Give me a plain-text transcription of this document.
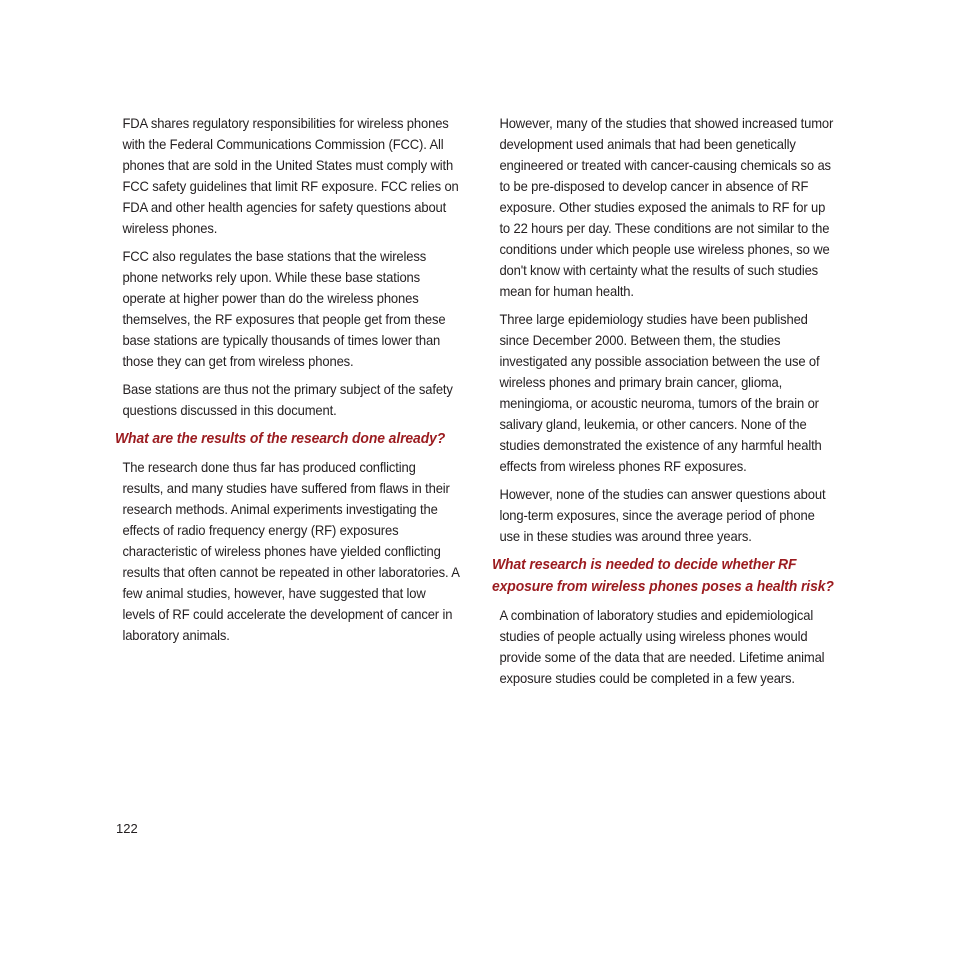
FDA shares regulatory responsibilities for wireless phones with the Federal Communications Commission (FCC). All phones that are sold in the United States must comply with FCC safety guidelines that limit RF exposure. FCC relies on FDA and other health agencies for safety questions about wireless phones.

FCC also regulates the base stations that the wireless phone networks rely upon. While these base stations operate at higher power than do the wireless phones themselves, the RF exposures that people get from these base stations are typically thousands of times lower than those they can get from wireless phones.

Base stations are thus not the primary subject of the safety questions discussed in this document.

What are the results of the research done already?

The research done thus far has produced conflicting results, and many studies have suffered from flaws in their research methods. Animal experiments investigating the effects of radio frequency energy (RF) exposures characteristic of wireless phones have yielded conflicting results that often cannot be repeated in other laboratories. A few animal studies, however, have suggested that low levels of RF could accelerate the development of cancer in laboratory animals.

However, many of the studies that showed increased tumor development used animals that had been genetically engineered or treated with cancer-causing chemicals so as to be pre-disposed to develop cancer in absence of RF exposure. Other studies exposed the animals to RF for up to 22 hours per day. These conditions are not similar to the conditions under which people use wireless phones, so we don't know with certainty what the results of such studies mean for human health.

Three large epidemiology studies have been published since December 2000. Between them, the studies investigated any possible association between the use of wireless phones and primary brain cancer, glioma, meningioma, or acoustic neuroma, tumors of the brain or salivary gland, leukemia, or other cancers. None of the studies demonstrated the existence of any harmful health effects from wireless phones RF exposures.

However, none of the studies can answer questions about long-term exposures, since the average period of phone use in these studies was around three years.

What research is needed to decide whether RF exposure from wireless phones poses a health risk?

A combination of laboratory studies and epidemiological studies of people actually using wireless phones would provide some of the data that are needed. Lifetime animal exposure studies could be completed in a few years.

122
